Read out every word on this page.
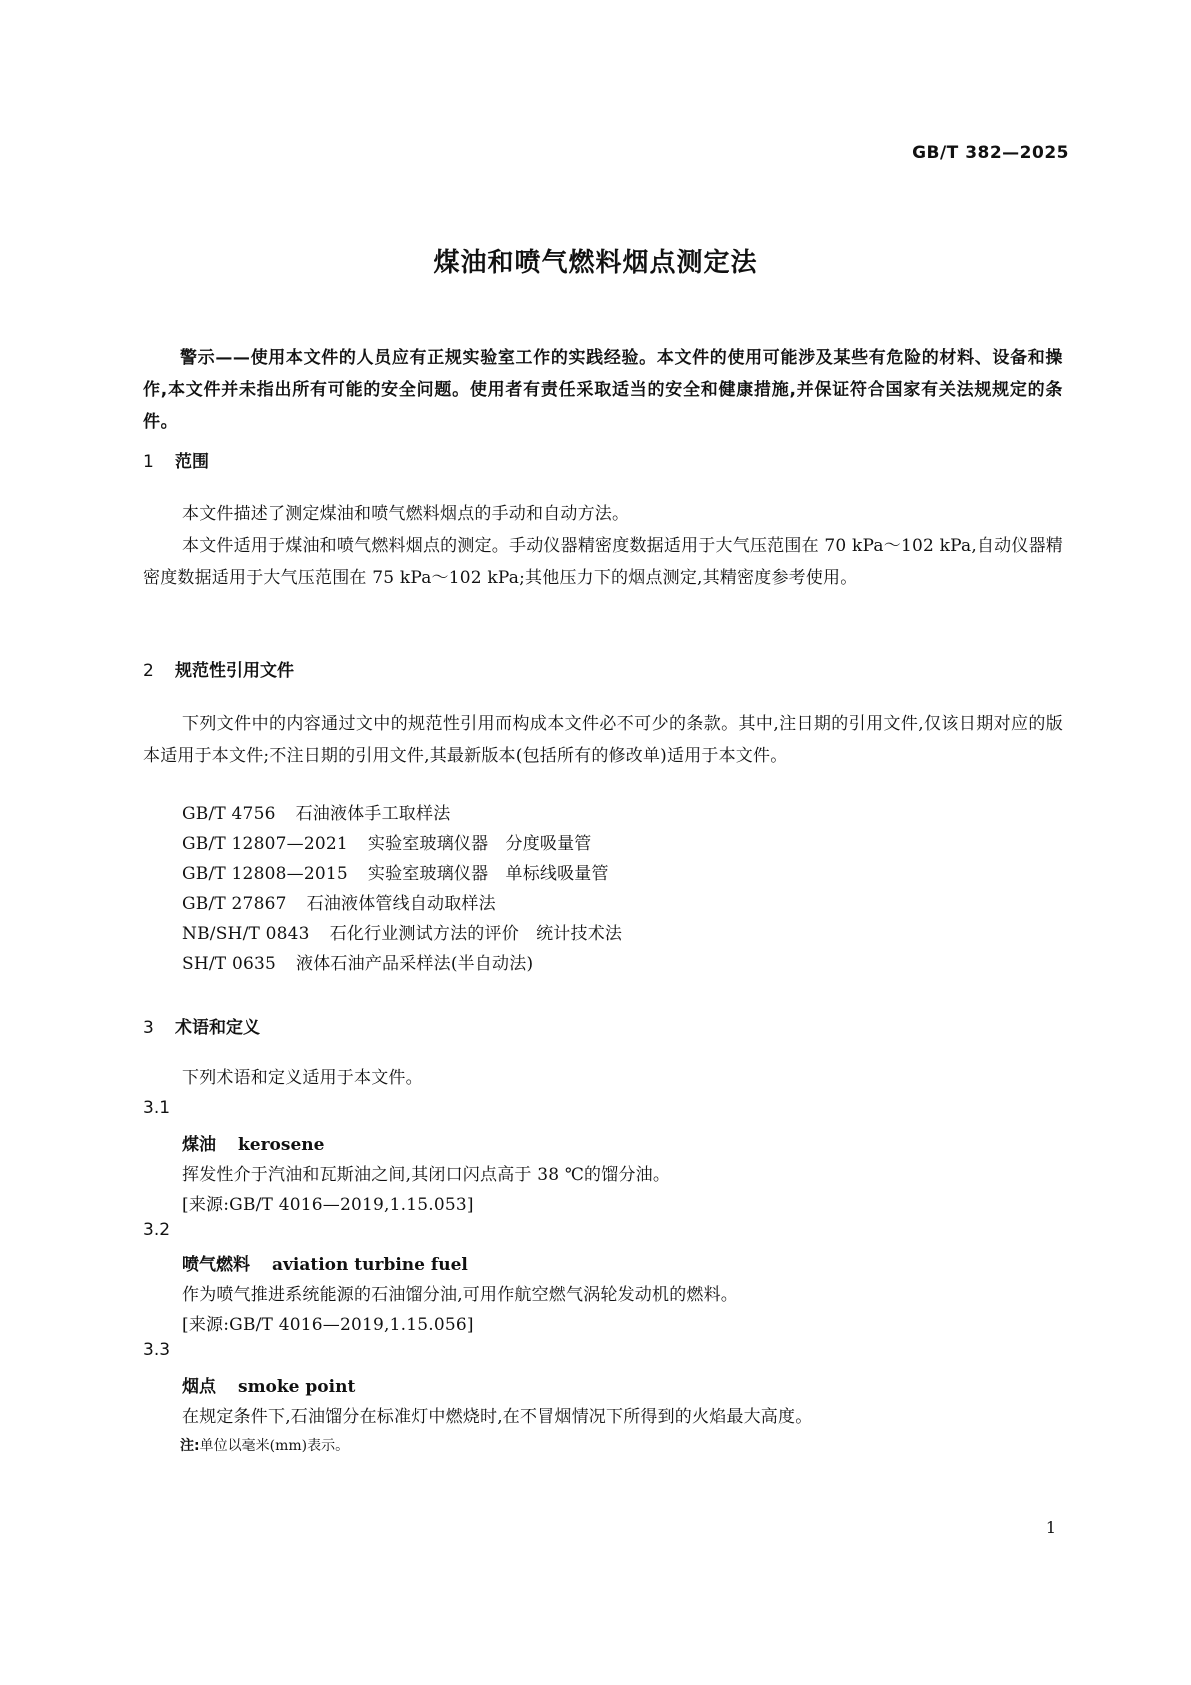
GB/T 382—2025
煤油和喷气燃料烟点测定法
警示——使用本文件的人员应有正规实验室工作的实践经验。本文件的使用可能涉及某些有危险的材料、设备和操作,本文件并未指出所有可能的安全问题。使用者有责任采取适当的安全和健康措施,并保证符合国家有关法规规定的条件。
1 范围
本文件描述了测定煤油和喷气燃料烟点的手动和自动方法。
本文件适用于煤油和喷气燃料烟点的测定。手动仪器精密度数据适用于大气压范围在 70 kPa～102 kPa,自动仪器精密度数据适用于大气压范围在 75 kPa～102 kPa;其他压力下的烟点测定,其精密度参考使用。
2 规范性引用文件
下列文件中的内容通过文中的规范性引用而构成本文件必不可少的条款。其中,注日期的引用文件,仅该日期对应的版本适用于本文件;不注日期的引用文件,其最新版本(包括所有的修改单)适用于本文件。
GB/T 4756 石油液体手工取样法
GB/T 12807—2021 实验室玻璃仪器　分度吸量管
GB/T 12808—2015 实验室玻璃仪器　单标线吸量管
GB/T 27867 石油液体管线自动取样法
NB/SH/T 0843 石化行业测试方法的评价　统计技术法
SH/T 0635 液体石油产品采样法(半自动法)
3 术语和定义
下列术语和定义适用于本文件。
3.1
煤油 kerosene
挥发性介于汽油和瓦斯油之间,其闭口闪点高于 38 ℃的馏分油。
[来源:GB/T 4016—2019,1.15.053]
3.2
喷气燃料 aviation turbine fuel
作为喷气推进系统能源的石油馏分油,可用作航空燃气涡轮发动机的燃料。
[来源:GB/T 4016—2019,1.15.056]
3.3
烟点 smoke point
在规定条件下,石油馏分在标准灯中燃烧时,在不冒烟情况下所得到的火焰最大高度。
注:单位以毫米(mm)表示。
1
